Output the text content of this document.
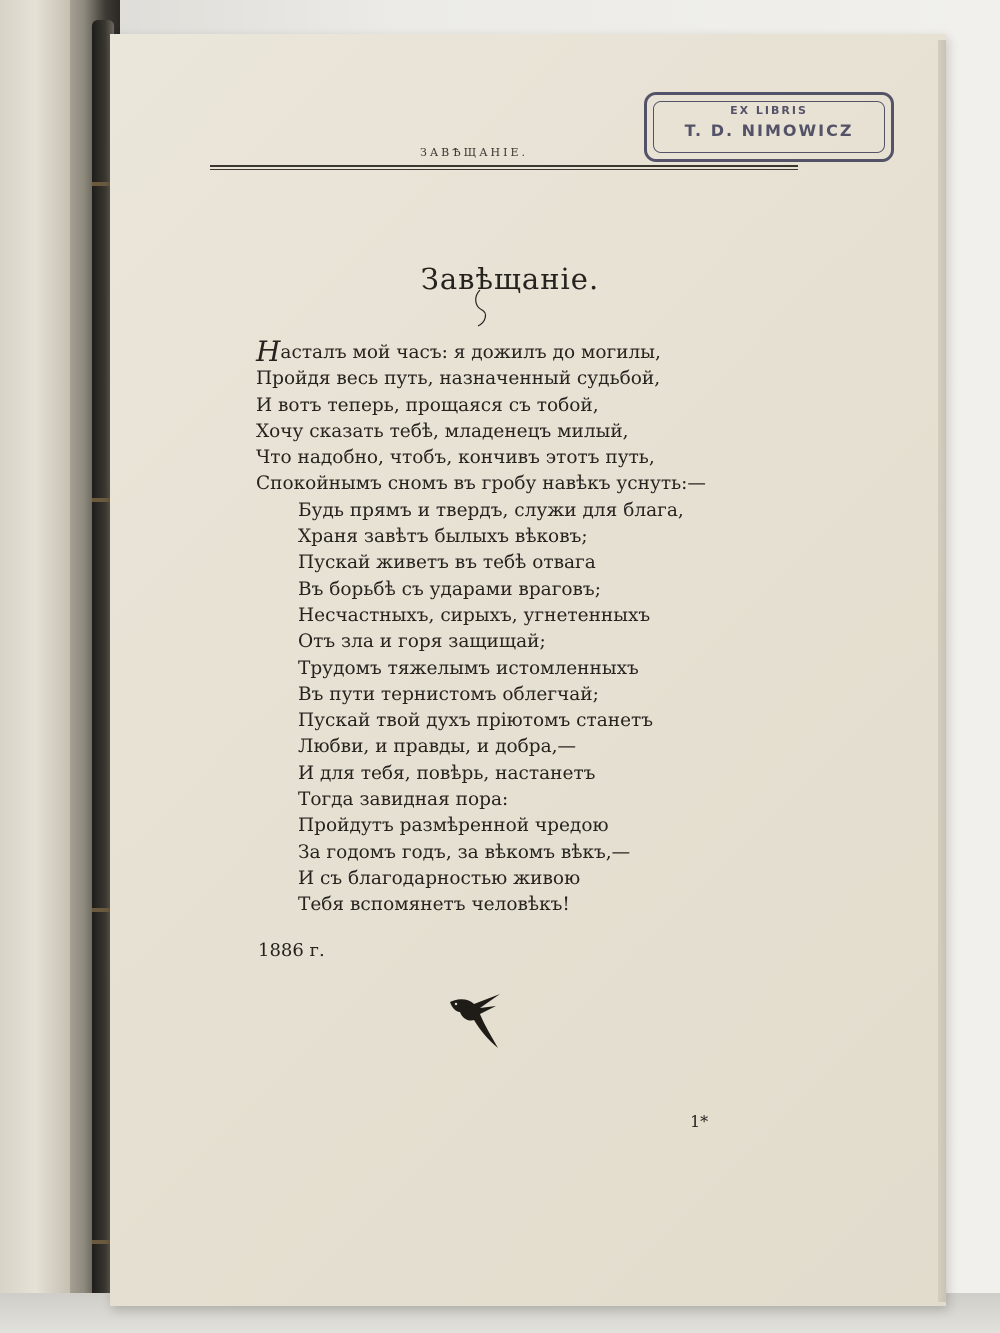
EX LIBRIS
T. D. NIMOWICZ
ЗАВѢЩАНІЕ.
Завѣщаніе.
Насталъ мой часъ: я дожилъ до могилы,
Пройдя весь путь, назначенный судьбой,
И вотъ теперь, прощаяся съ тобой,
Хочу сказать тебѣ, младенецъ милый,
Что надобно, чтобъ, кончивъ этотъ путь,
Спокойнымъ сномъ въ гробу навѣкъ уснуть:—
Будь прямъ и твердъ, служи для блага,
Храня завѣтъ былыхъ вѣковъ;
Пускай живетъ въ тебѣ отвага
Въ борьбѣ съ ударами враговъ;
Несчастныхъ, сирыхъ, угнетенныхъ
Отъ зла и горя защищай;
Трудомъ тяжелымъ истомленныхъ
Въ пути тернистомъ облегчай;
Пускай твой духъ пріютомъ станетъ
Любви, и правды, и добра,—
И для тебя, повѣрь, настанетъ
Тогда завидная пора:
Пройдутъ размѣренной чредою
За годомъ годъ, за вѣкомъ вѣкъ,—
И съ благодарностью живою
Тебя вспомянетъ человѣкъ!
1886 г.
1*
